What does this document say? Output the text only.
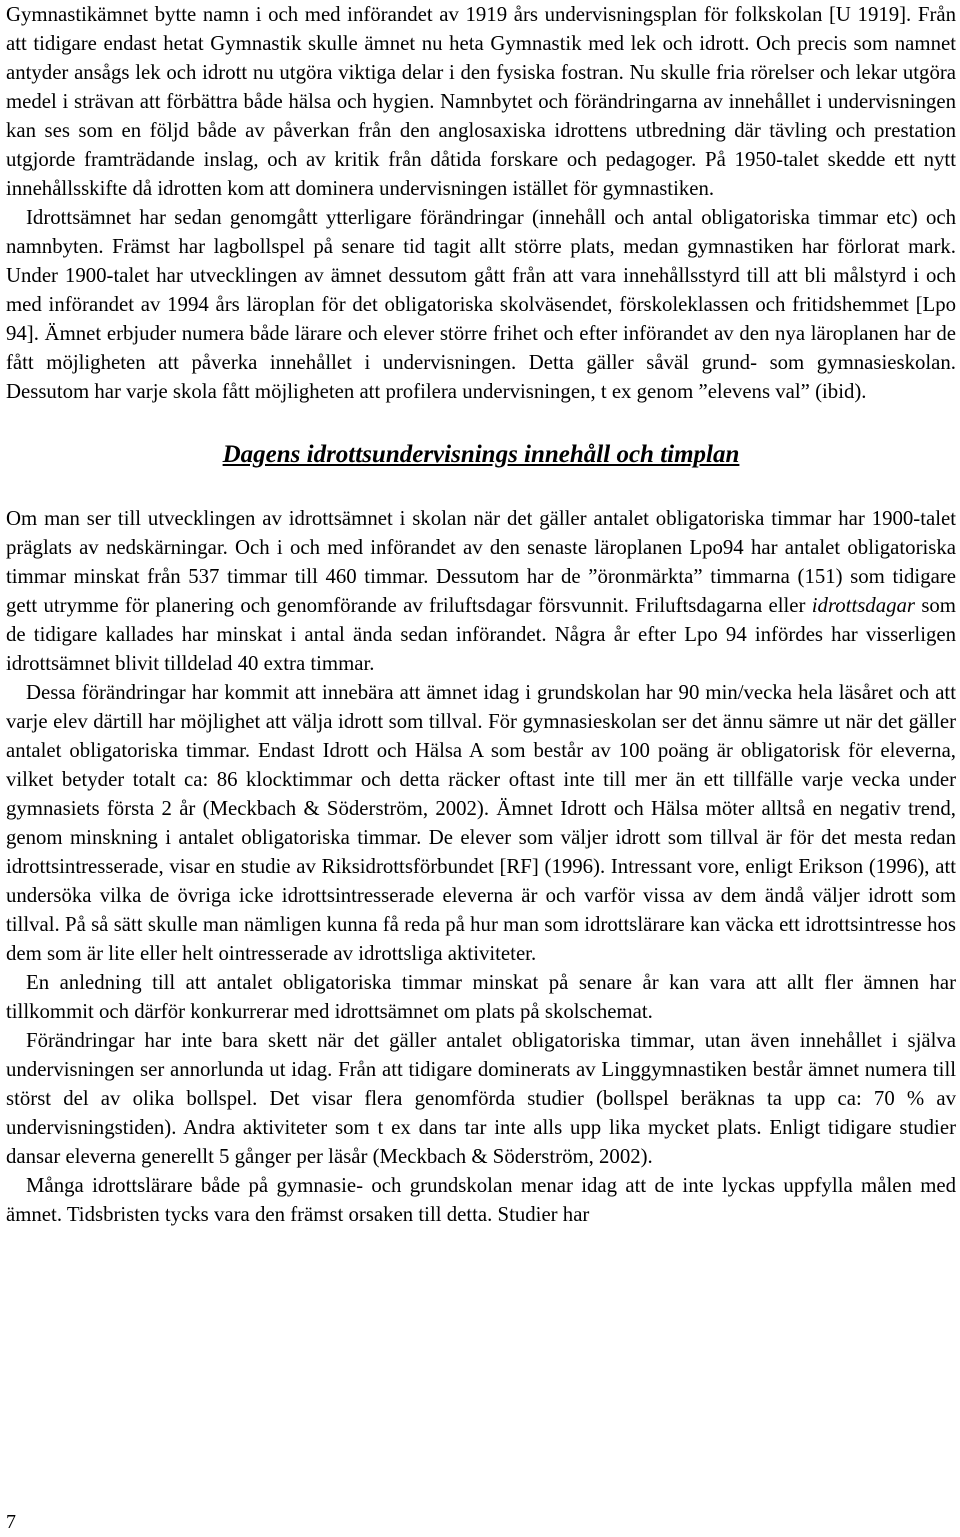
Gymnastikämnet bytte namn i och med införandet av 1919 års undervisningsplan för folkskolan [U 1919]. Från att tidigare endast hetat Gymnastik skulle ämnet nu heta Gymnastik med lek och idrott. Och precis som namnet antyder ansågs lek och idrott nu utgöra viktiga delar i den fysiska fostran. Nu skulle fria rörelser och lekar utgöra medel i strävan att förbättra både hälsa och hygien. Namnbytet och förändringarna av innehållet i undervisningen kan ses som en följd både av påverkan från den anglosaxiska idrottens utbredning där tävling och prestation utgjorde framträdande inslag, och av kritik från dåtida forskare och pedagoger. På 1950-talet skedde ett nytt innehållsskifte då idrotten kom att dominera undervisningen istället för gymnastiken.

Idrottsämnet har sedan genomgått ytterligare förändringar (innehåll och antal obligatoriska timmar etc) och namnbyten. Främst har lagbollspel på senare tid tagit allt större plats, medan gymnastiken har förlorat mark. Under 1900-talet har utvecklingen av ämnet dessutom gått från att vara innehållsstyrd till att bli målstyrd i och med införandet av 1994 års läroplan för det obligatoriska skolväsendet, förskoleklassen och fritidshemmet [Lpo 94]. Ämnet erbjuder numera både lärare och elever större frihet och efter införandet av den nya läroplanen har de fått möjligheten att påverka innehållet i undervisningen. Detta gäller såväl grund- som gymnasieskolan. Dessutom har varje skola fått möjligheten att profilera undervisningen, t ex genom ”elevens val” (ibid).

Dagens idrottsundervisnings innehåll och timplan

Om man ser till utvecklingen av idrottsämnet i skolan när det gäller antalet obligatoriska timmar har 1900-talet präglats av nedskärningar. Och i och med införandet av den senaste läroplanen Lpo94 har antalet obligatoriska timmar minskat från 537 timmar till 460 timmar. Dessutom har de ”öronmärkta” timmarna (151) som tidigare gett utrymme för planering och genomförande av friluftsdagar försvunnit. Friluftsdagarna eller idrottsdagar som de tidigare kallades har minskat i antal ända sedan införandet. Några år efter Lpo 94 infördes har visserligen idrottsämnet blivit tilldelad 40 extra timmar.

Dessa förändringar har kommit att innebära att ämnet idag i grundskolan har 90 min/vecka hela läsåret och att varje elev därtill har möjlighet att välja idrott som tillval. För gymnasieskolan ser det ännu sämre ut när det gäller antalet obligatoriska timmar. Endast Idrott och Hälsa A som består av 100 poäng är obligatorisk för eleverna, vilket betyder totalt ca: 86 klocktimmar och detta räcker oftast inte till mer än ett tillfälle varje vecka under gymnasiets första 2 år (Meckbach & Söderström, 2002). Ämnet Idrott och Hälsa möter alltså en negativ trend, genom minskning i antalet obligatoriska timmar. De elever som väljer idrott som tillval är för det mesta redan idrottsintresserade, visar en studie av Riksidrottsförbundet [RF] (1996). Intressant vore, enligt Erikson (1996), att undersöka vilka de övriga icke idrottsintresserade eleverna är och varför vissa av dem ändå väljer idrott som tillval. På så sätt skulle man nämligen kunna få reda på hur man som idrottslärare kan väcka ett idrottsintresse hos dem som är lite eller helt ointresserade av idrottsliga aktiviteter.

En anledning till att antalet obligatoriska timmar minskat på senare år kan vara att allt fler ämnen har tillkommit och därför konkurrerar med idrottsämnet om plats på skolschemat.

Förändringar har inte bara skett när det gäller antalet obligatoriska timmar, utan även innehållet i själva undervisningen ser annorlunda ut idag. Från att tidigare dominerats av Linggymnastiken består ämnet numera till störst del av olika bollspel. Det visar flera genomförda studier (bollspel beräknas ta upp ca: 70 % av undervisningstiden). Andra aktiviteter som t ex dans tar inte alls upp lika mycket plats. Enligt tidigare studier dansar eleverna generellt 5 gånger per läsår (Meckbach & Söderström, 2002).

Många idrottslärare både på gymnasie- och grundskolan menar idag att de inte lyckas uppfylla målen med ämnet. Tidsbristen tycks vara den främst orsaken till detta. Studier har

7
